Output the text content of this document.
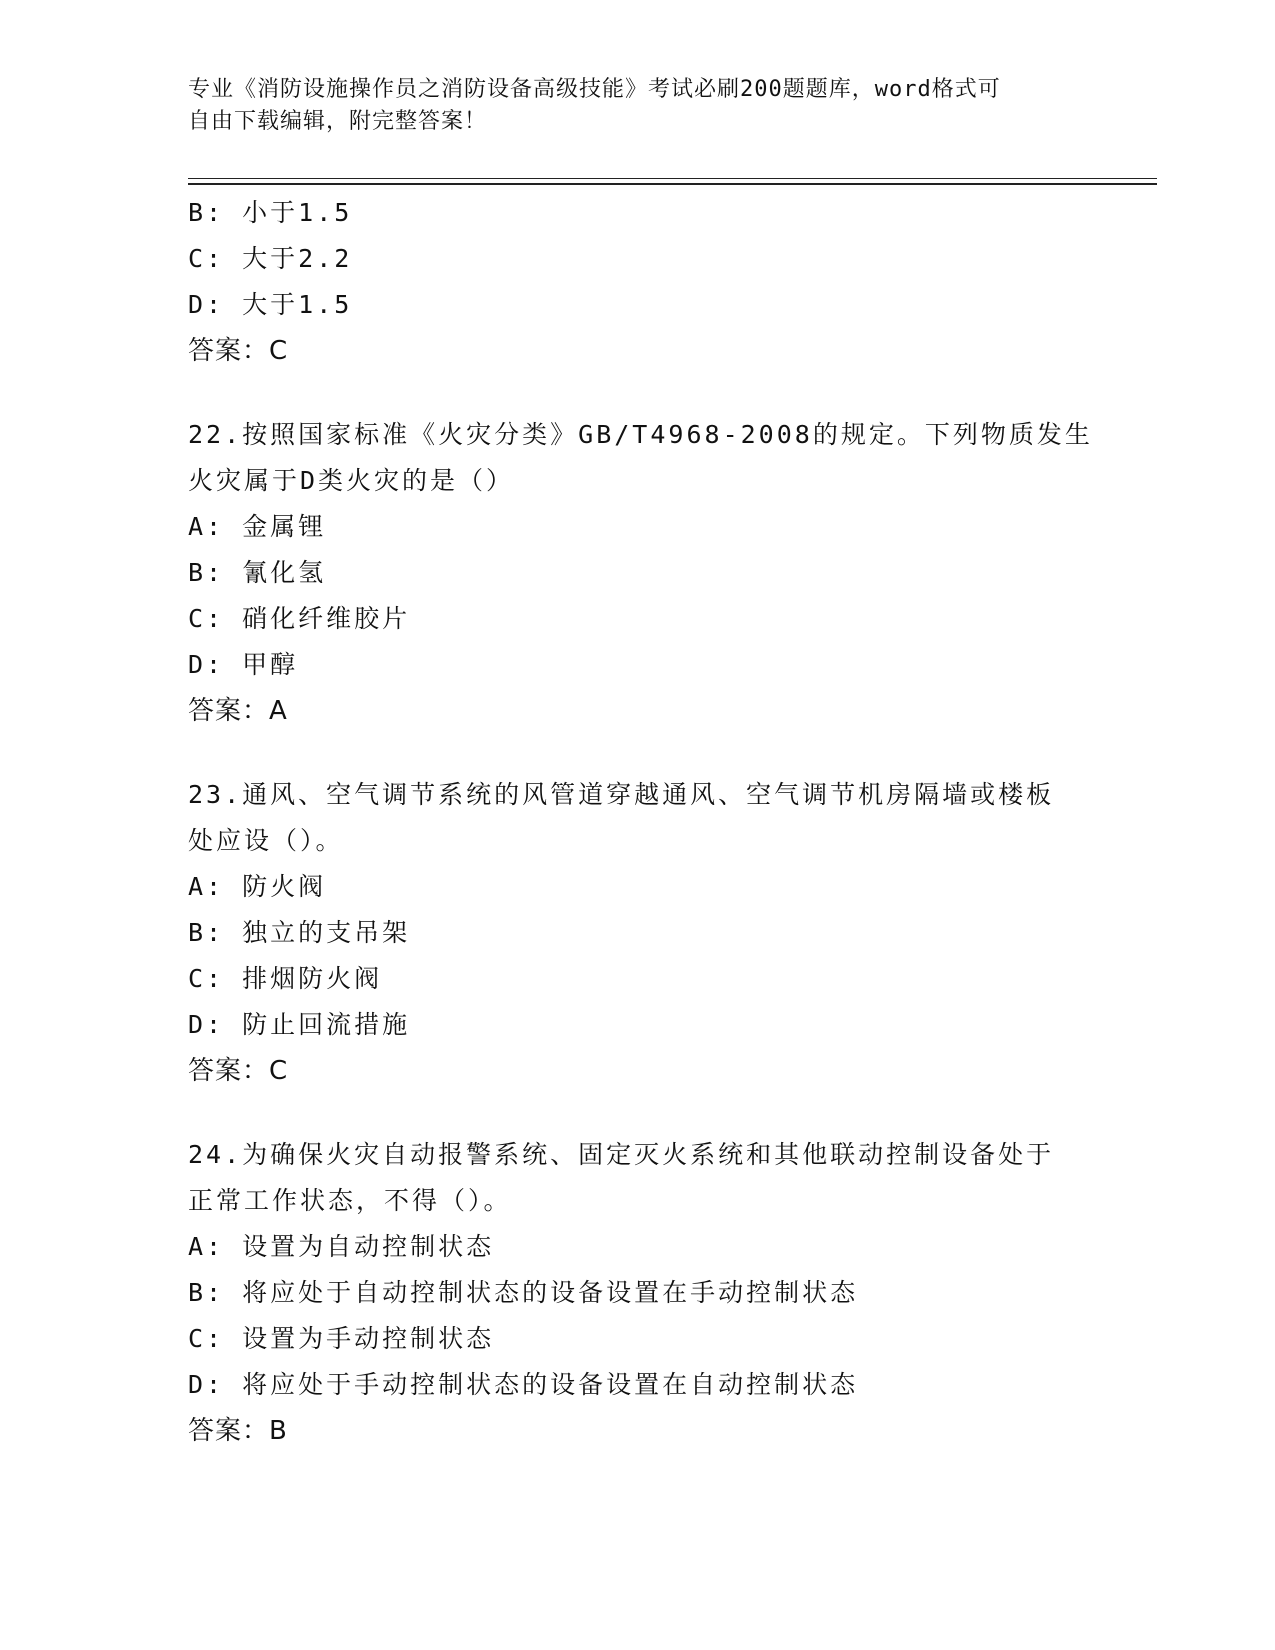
专业《消防设施操作员之消防设备高级技能》考试必刷200题题库，word格式可
自由下载编辑，附完整答案！
B: 小于1.5
C: 大于2.2
D: 大于1.5
答案：C
22.按照国家标准《火灾分类》GB/T4968-2008的规定。下列物质发生
火灾属于D类火灾的是（）
A: 金属锂
B: 氰化氢
C: 硝化纤维胶片
D: 甲醇
答案：A
23.通风、空气调节系统的风管道穿越通风、空气调节机房隔墙或楼板
处应设（）。
A: 防火阀
B: 独立的支吊架
C: 排烟防火阀
D: 防止回流措施
答案：C
24.为确保火灾自动报警系统、固定灭火系统和其他联动控制设备处于
正常工作状态，不得（）。
A: 设置为自动控制状态
B: 将应处于自动控制状态的设备设置在手动控制状态
C: 设置为手动控制状态
D: 将应处于手动控制状态的设备设置在自动控制状态
答案：B
